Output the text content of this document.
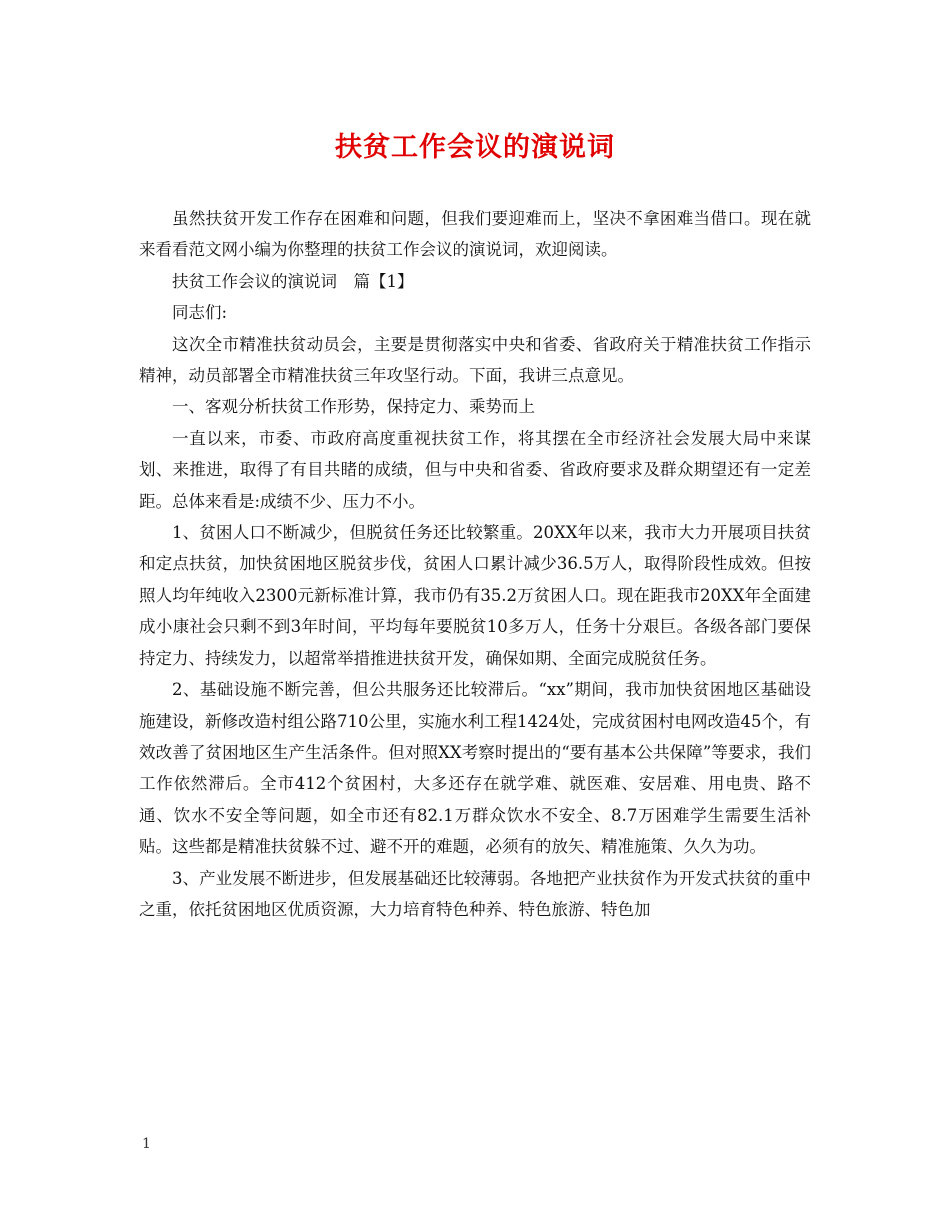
扶贫工作会议的演说词

虽然扶贫开发工作存在困难和问题，但我们要迎难而上，坚决不拿困难当借口。现在就来看看范文网小编为你整理的扶贫工作会议的演说词，欢迎阅读。

扶贫工作会议的演说词　篇【1】

同志们:

这次全市精准扶贫动员会，主要是贯彻落实中央和省委、省政府关于精准扶贫工作指示精神，动员部署全市精准扶贫三年攻坚行动。下面，我讲三点意见。

一、客观分析扶贫工作形势，保持定力、乘势而上

一直以来，市委、市政府高度重视扶贫工作，将其摆在全市经济社会发展大局中来谋划、来推进，取得了有目共睹的成绩，但与中央和省委、省政府要求及群众期望还有一定差距。总体来看是:成绩不少、压力不小。

1、贫困人口不断减少，但脱贫任务还比较繁重。20XX年以来，我市大力开展项目扶贫和定点扶贫，加快贫困地区脱贫步伐，贫困人口累计减少36.5万人，取得阶段性成效。但按照人均年纯收入2300元新标准计算，我市仍有35.2万贫困人口。现在距我市20XX年全面建成小康社会只剩不到3年时间，平均每年要脱贫10多万人，任务十分艰巨。各级各部门要保持定力、持续发力，以超常举措推进扶贫开发，确保如期、全面完成脱贫任务。

2、基础设施不断完善，但公共服务还比较滞后。“xx”期间，我市加快贫困地区基础设施建设，新修改造村组公路710公里，实施水利工程1424处，完成贫困村电网改造45个，有效改善了贫困地区生产生活条件。但对照XX考察时提出的“要有基本公共保障”等要求，我们工作依然滞后。全市412个贫困村，大多还存在就学难、就医难、安居难、用电贵、路不通、饮水不安全等问题，如全市还有82.1万群众饮水不安全、8.7万困难学生需要生活补贴。这些都是精准扶贫躲不过、避不开的难题，必须有的放矢、精准施策、久久为功。

3、产业发展不断进步，但发展基础还比较薄弱。各地把产业扶贫作为开发式扶贫的重中之重，依托贫困地区优质资源，大力培育特色种养、特色旅游、特色加

1
